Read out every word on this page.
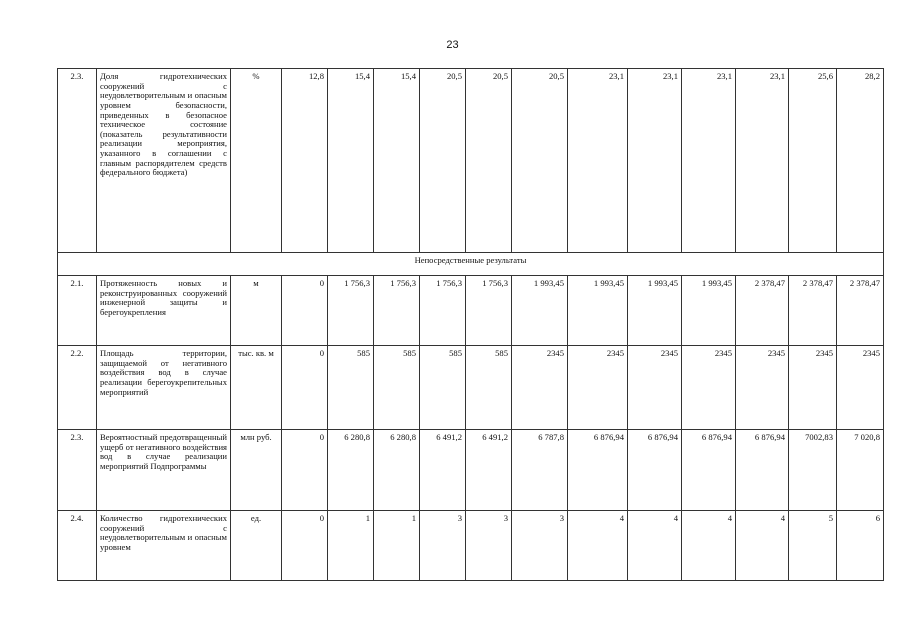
23
2.3.	Доля гидротехнических сооружений с неудовлетворительным и опасным уровнем безопасности, приведенных в безопасное техническое состояние (показатель результативности реализации мероприятия, указанного в соглашении с главным распорядителем средств федерального бюджета)	%	12,8	15,4	15,4	20,5	20,5	20,5	23,1	23,1	23,1	23,1	25,6	28,2
Непосредственные результаты														
2.1.	Протяженность новых и реконструированных сооружений инженерной защиты и берегоукрепления	м	0	1 756,3	1 756,3	1 756,3	1 756,3	1 993,45	1 993,45	1 993,45	1 993,45	2 378,47	2 378,47	2 378,47
2.2.	Площадь территории, защищаемой от негативного воздействия вод в случае реализации берегоукрепительных мероприятий	тыс. кв. м	0	585	585	585	585	2345	2345	2345	2345	2345	2345	2345
2.3.	Вероятностный предотвращенный ущерб от негативного воздействия вод в случае реализации мероприятий Подпрограммы	млн руб.	0	6 280,8	6 280,8	6 491,2	6 491,2	6 787,8	6 876,94	6 876,94	6 876,94	6 876,94	7002,83	7 020,8
2.4.	Количество гидротехнических сооружений с неудовлетворительным и опасным уровнем	ед.	0	1	1	3	3	3	4	4	4	4	5	6
